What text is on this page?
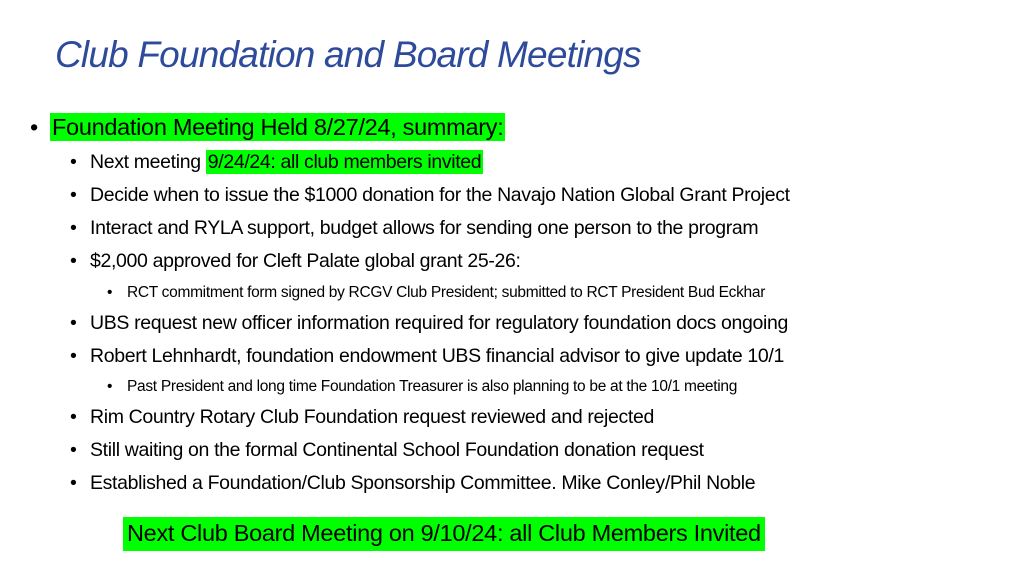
Club Foundation and Board Meetings
• Foundation Meeting Held 8/27/24, summary:
• Next meeting 9/24/24: all club members invited
• Decide when to issue the $1000 donation for the Navajo Nation Global Grant Project
• Interact and RYLA support, budget allows for sending one person to the program
• $2,000 approved for Cleft Palate global grant 25-26:
• RCT commitment form signed by RCGV Club President; submitted to RCT President Bud Eckhar
• UBS request new officer information required for regulatory foundation docs ongoing
• Robert Lehnhardt, foundation endowment UBS financial advisor to give update 10/1
• Past President and long time Foundation Treasurer is also planning to be at the 10/1 meeting
• Rim Country Rotary Club Foundation request reviewed and rejected
• Still waiting on the formal Continental School Foundation donation request
• Established a Foundation/Club Sponsorship Committee. Mike Conley/Phil Noble
Next Club Board Meeting on 9/10/24: all Club Members Invited
